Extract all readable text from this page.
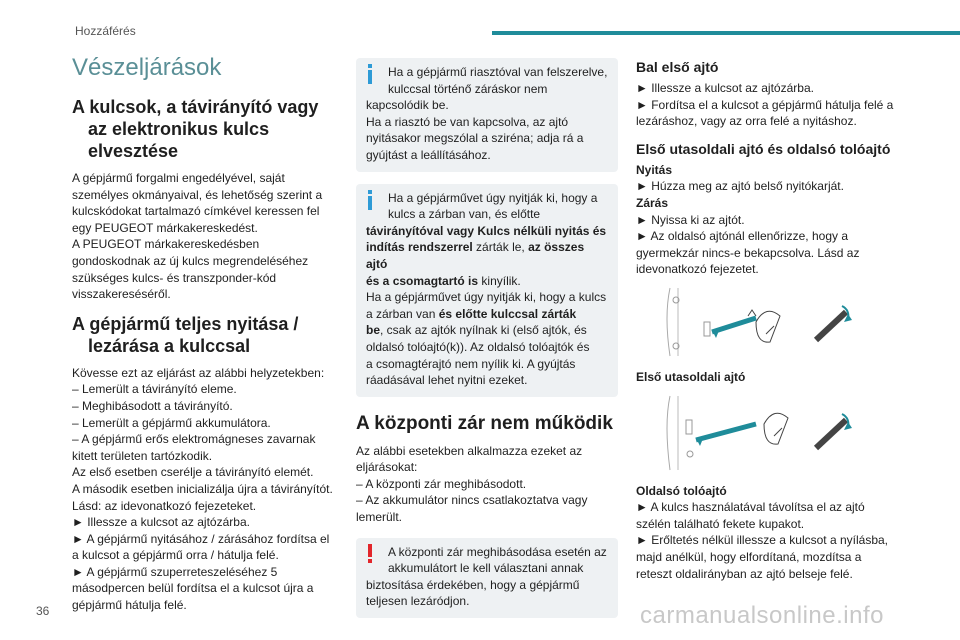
Hozzáférés
36	carmanualsonline.info
Vészeljárások
A kulcsok, a távirányító vagy az elektronikus kulcs elvesztése
A gépjármű forgalmi engedélyével, saját
személyes okmányaival, és lehetőség szerint a
kulcskódokat tartalmazó címkével keressen fel
egy PEUGEOT márkakereskedést.
A PEUGEOT márkakereskedésben
gondoskodnak az új kulcs megrendeléséhez
szükséges kulcs- és transzponder-kód
visszakereséséről.
A gépjármű teljes nyitása / lezárása a kulccsal
Kövesse ezt az eljárást az alábbi helyzetekben:
– Lemerült a távirányító eleme.
– Meghibásodott a távirányító.
– Lemerült a gépjármű akkumulátora.
– A gépjármű erős elektromágneses zavarnak
kitett területen tartózkodik.
Az első esetben cserélje a távirányító elemét.
A második esetben inicializálja újra a távirányítót.
Lásd: az idevonatkozó fejezeteket.
► Illessze a kulcsot az ajtózárba.
► A gépjármű nyitásához / zárásához fordítsa el
a kulcsot a gépjármű orra / hátulja felé.
► A gépjármű szuperreteszeléséhez 5
másodpercen belül fordítsa el a kulcsot újra a
gépjármű hátulja felé.
Ha a gépjármű riasztóval van felszerelve,
kulccsal történő záráskor nem
kapcsolódik be.
Ha a riasztó be van kapcsolva, az ajtó
nyitásakor megszólal a sziréna; adja rá a
gyújtást a leállításához.
Ha a gépjárművet úgy nyitják ki, hogy a
kulcs a zárban van, és előtte
távirányítóval vagy Kulcs nélküli nyitás és
indítás rendszerrel zárták le, az összes ajtó
és a csomagtartó is kinyílik.
Ha a gépjárművet úgy nyitják ki, hogy a kulcs
a zárban van és előtte kulccsal zárták
be, csak az ajtók nyílnak ki (első ajtók, és
oldalsó tolóajtó(k)). Az oldalsó tolóajtók és
a csomagtérajtó nem nyílik ki. A gyújtás
ráadásával lehet nyitni ezeket.
A központi zár nem működik
Az alábbi esetekben alkalmazza ezeket az
eljárásokat:
– A központi zár meghibásodott.
– Az akkumulátor nincs csatlakoztatva vagy
lemerült.
A központi zár meghibásodása esetén az
akkumulátort le kell választani annak
biztosítása érdekében, hogy a gépjármű
teljesen lezáródjon.
Bal első ajtó
► Illessze a kulcsot az ajtózárba.
► Fordítsa el a kulcsot a gépjármű hátulja felé a
lezáráshoz, vagy az orra felé a nyitáshoz.
Első utasoldali ajtó és oldalsó tolóajtó
Nyitás
► Húzza meg az ajtó belső nyitókarját.
Zárás
► Nyissa ki az ajtót.
► Az oldalsó ajtónál ellenőrizze, hogy a
gyermekzár nincs-e bekapcsolva. Lásd az
idevonatkozó fejezetet.
Első utasoldali ajtó
Oldalsó tolóajtó
► A kulcs használatával távolítsa el az ajtó
szélén található fekete kupakot.
► Erőltetés nélkül illessze a kulcsot a nyílásba,
majd anélkül, hogy elfordítaná, mozdítsa a
reteszt oldalirányban az ajtó belseje felé.
